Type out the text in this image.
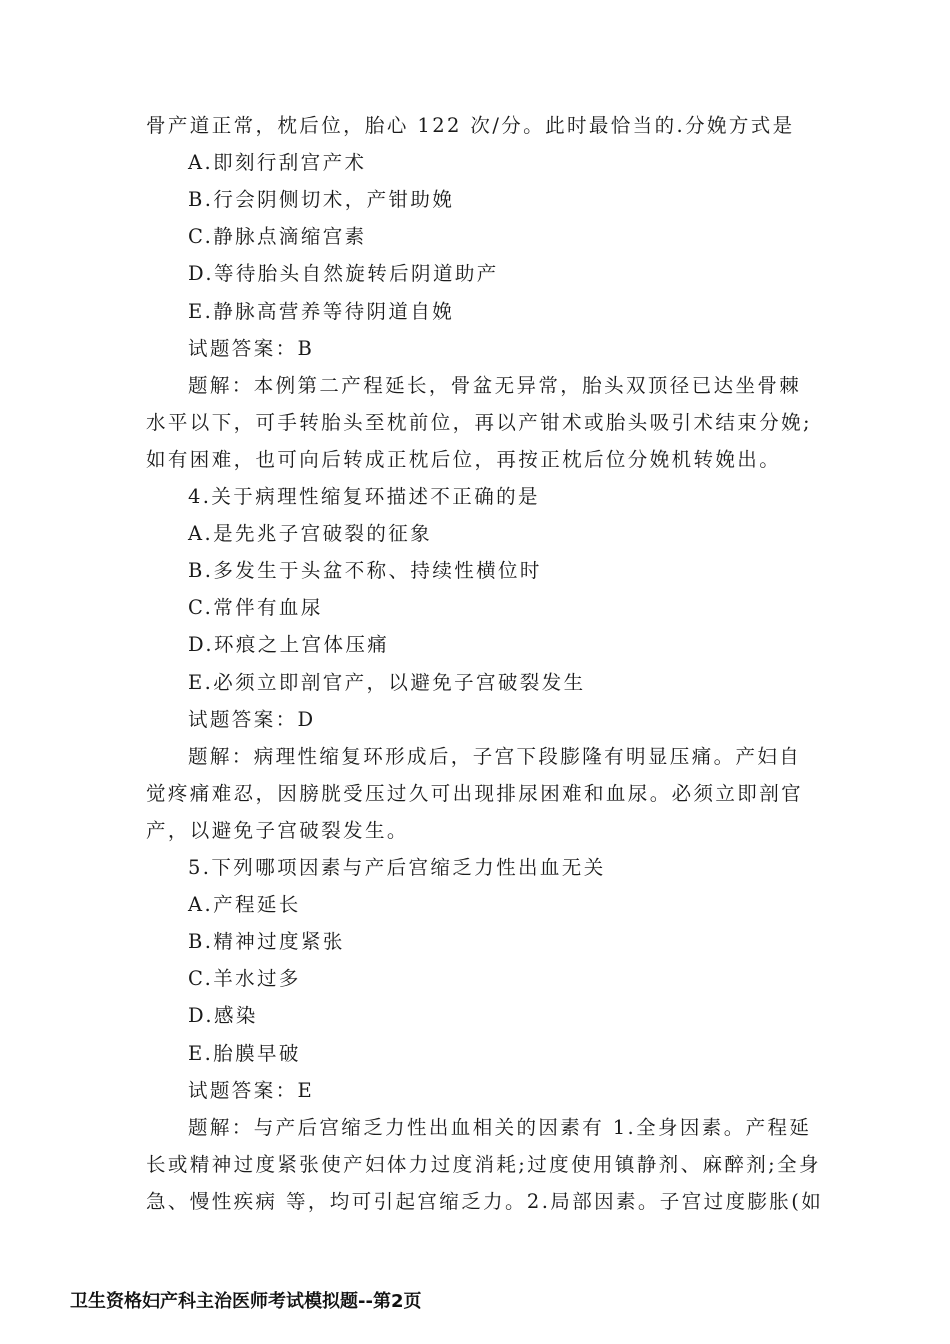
骨产道正常，枕后位，胎心 122 次/分。此时最恰当的.分娩方式是
A.即刻行刮宫产术
B.行会阴侧切术，产钳助娩
C.静脉点滴缩宫素
D.等待胎头自然旋转后阴道助产
E.静脉高营养等待阴道自娩
试题答案：B
题解：本例第二产程延长，骨盆无异常，胎头双顶径已达坐骨棘
水平以下，可手转胎头至枕前位，再以产钳术或胎头吸引术结束分娩;
如有困难，也可向后转成正枕后位，再按正枕后位分娩机转娩出。
4.关于病理性缩复环描述不正确的是
A.是先兆子宫破裂的征象
B.多发生于头盆不称、持续性横位时
C.常伴有血尿
D.环痕之上宫体压痛
E.必须立即剖官产，以避免子宫破裂发生
试题答案：D
题解：病理性缩复环形成后，子宫下段膨隆有明显压痛。产妇自
觉疼痛难忍，因膀胱受压过久可出现排尿困难和血尿。必须立即剖官
产，以避免子宫破裂发生。
5.下列哪项因素与产后宫缩乏力性出血无关
A.产程延长
B.精神过度紧张
C.羊水过多
D.感染
E.胎膜早破
试题答案：E
题解：与产后宫缩乏力性出血相关的因素有 1.全身因素。产程延
长或精神过度紧张使产妇体力过度消耗;过度使用镇静剂、麻醉剂;全身
急、慢性疾病 等，均可引起宫缩乏力。2.局部因素。子宫过度膨胀(如
卫生资格妇产科主治医师考试模拟题--第2页
